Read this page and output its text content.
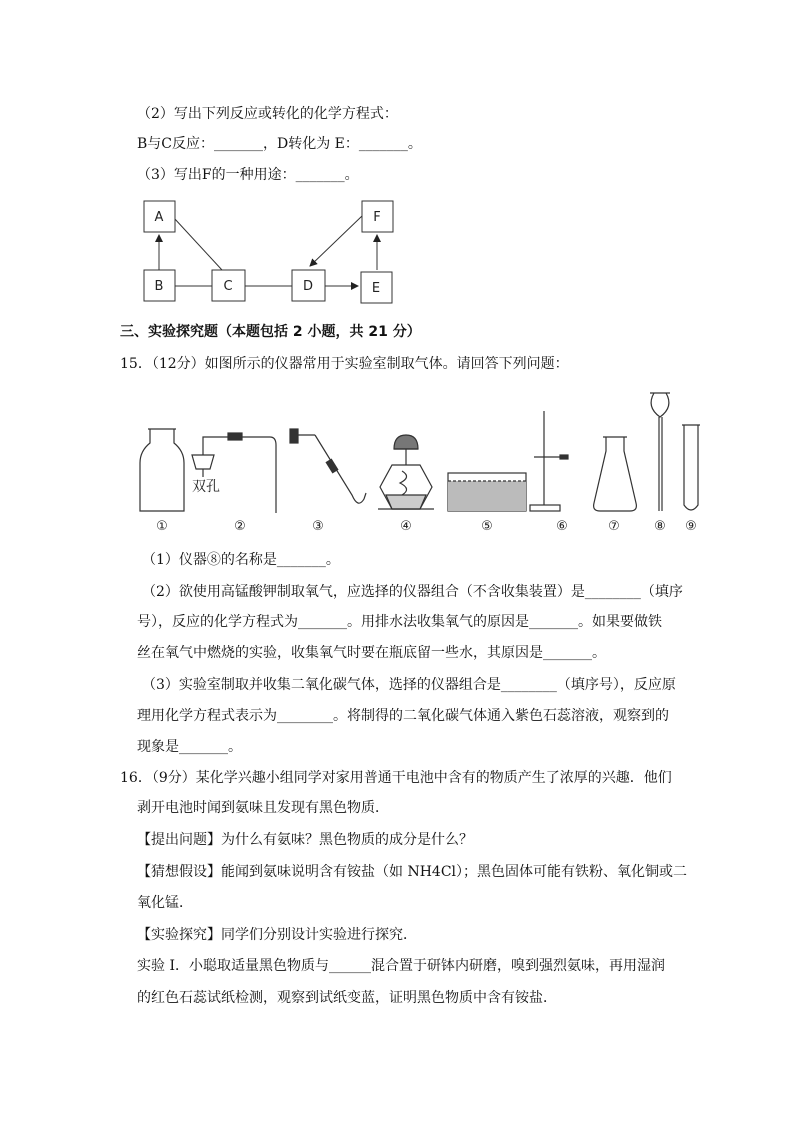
（2）写出下列反应或转化的化学方程式：
B与C反应：_______，D转化为 E：_______。
（3）写出F的一种用途：_______。
A
B	C	D	E
F
三、实验探究题（本题包括 2 小题，共 21 分）
15．（12分）如图所示的仪器常用于实验室制取气体。请回答下列问题：
双孔
①	②	③	④	⑤	⑥	⑦	⑧ ⑨
（1）仪器⑧的名称是_______。
（2）欲使用高锰酸钾制取氧气，应选择的仪器组合（不含收集装置）是________（填序
号），反应的化学方程式为_______。用排水法收集氧气的原因是_______。如果要做铁
丝在氧气中燃烧的实验，收集氧气时要在瓶底留一些水，其原因是_______。
（3）实验室制取并收集二氧化碳气体，选择的仪器组合是________（填序号），反应原
理用化学方程式表示为________。将制得的二氧化碳气体通入紫色石蕊溶液，观察到的
现象是_______。
16．（9分）某化学兴趣小组同学对家用普通干电池中含有的物质产生了浓厚的兴趣．他们
剥开电池时闻到氨味且发现有黑色物质．
【提出问题】为什么有氨味？黑色物质的成分是什么？
【猜想假设】能闻到氨味说明含有铵盐（如 NH4Cl）；黑色固体可能有铁粉、氧化铜或二
氧化锰．
【实验探究】同学们分别设计实验进行探究．
实验 I．小聪取适量黑色物质与______混合置于研钵内研磨，嗅到强烈氨味，再用湿润
的红色石蕊试纸检测，观察到试纸变蓝，证明黑色物质中含有铵盐．
